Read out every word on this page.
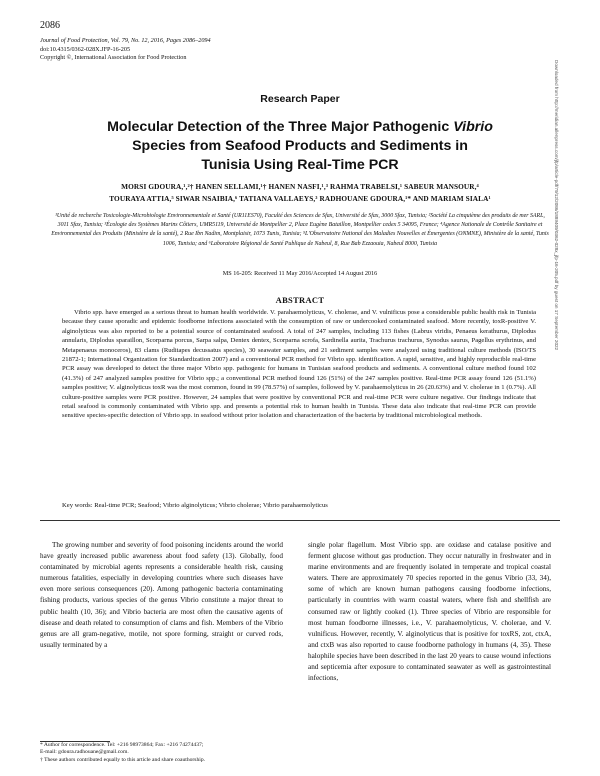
2086
Journal of Food Protection, Vol. 79, No. 12, 2016, Pages 2086–2094
doi:10.4315/0362-028X.JFP-16-205
Copyright ©, International Association for Food Protection
Research Paper
Molecular Detection of the Three Major Pathogenic Vibrio
Species from Seafood Products and Sediments in
Tunisia Using Real-Time PCR
MORSI GDOURA,¹,²† HANEN SELLAMI,¹† HANEN NASFI,¹,³ RAHMA TRABELSI,¹ SABEUR MANSOUR,⁴
TOURAYA ATTIA,⁵ SIWAR NSAIBIA,⁶ TATIANA VALLAEYS,³ RADHOUANE GDOURA,¹* AND MARIAM SIALA¹
¹Unité de recherche Toxicologie-Microbiologie Environnementale et Santé (UR11ES70), Faculté des Sciences de Sfax, Université de Sfax, 3000 Sfax, Tunisia; ²Société La cinquième des produits de mer SARL, 3011 Sfax, Tunisia; ³Écologie des Systèmes Marins Côtiers, UMR5119, Université de Montpellier 2, Place Eugène Bataillon, Montpellier cedex 5 34095, France; ⁴Agence Nationale de Contrôle Sanitaire et Environnemental des Produits (Ministère de la santé), 2 Rue Ibn Nadim, Montplaisir, 1073 Tunis, Tunisia; ⁵L'Observatoire National des Maladies Nouvelles et Émergentes (ONMNE), Ministère de la santé, Tunis 1006, Tunisia; and ⁶Laboratoire Régional de Santé Publique de Nabeul, 8, Rue Bab Ezzaouia, Nabeul 8000, Tunisia
MS 16-205: Received 11 May 2016/Accepted 14 August 2016
ABSTRACT

Vibrio spp. have emerged as a serious threat to human health worldwide. V. parahaemolyticus, V. cholerae, and V. vulnificus pose a considerable public health risk in Tunisia because they cause sporadic and epidemic foodborne infections associated with the consumption of raw or undercooked contaminated seafood. More recently, toxR-positive V. alginolyticus was also reported to be a potential source of contaminated seafood. A total of 247 samples, including 113 fishes (Labrus viridis, Penaeus kerathurus, Diplodus annularis, Diplodus sparaillon, Scorparna porcus, Sarpa salpa, Dentex dentex, Scorparna scrofa, Sardinella aurita, Trachurus trachurus, Synodus saurus, Pagellus erythrinus, and Metapenaeus monoceros), 83 clams (Ruditapes decussatus species), 30 seawater samples, and 21 sediment samples were analyzed using traditional culture methods (ISO/TS 21872-1; International Organization for Standardization 2007) and a conventional PCR method for Vibrio spp. identification. A rapid, sensitive, and highly reproducible real-time PCR assay was developed to detect the three major Vibrio spp. pathogenic for humans in Tunisian seafood products and sediments. A conventional culture method found 102 (41.3%) of 247 analyzed samples positive for Vibrio spp.; a conventional PCR method found 126 (51%) of the 247 samples positive. Real-time PCR assay found 126 (51.1%) samples positive; V. alginolyticus toxR was the most common, found in 99 (78.57%) of samples, followed by V. parahaemolyticus in 26 (20.63%) and V. cholerae in 1 (0.7%). All culture-positive samples were PCR positive. However, 24 samples that were positive by conventional PCR and real-time PCR were culture negative. Our findings indicate that retail seafood is commonly contaminated with Vibrio spp. and presents a potential risk to human health in Tunisia. These data also indicate that real-time PCR can provide sensitive species-specific detection of Vibrio spp. in seafood without prior isolation and characterization of the bacteria by traditional microbiological methods.

Key words: Real-time PCR; Seafood; Vibrio alginolyticus; Vibrio cholerae; Vibrio parahaemolyticus

The growing number and severity of food poisoning incidents around the world have greatly increased public awareness about food safety (13). Globally, food contaminated by microbial agents represents a considerable health risk, causing numerous fatalities, especially in developing countries where such diseases have even more serious consequences (20). Among pathogenic bacteria contaminating fishing products, various species of the genus Vibrio constitute a major threat to public health (10, 36); and Vibrio bacteria are most often the causative agents of disease and death related to consumption of clams and fish. Members of the Vibrio genus are all gram-negative, motile, not spore forming, straight or curved rods, usually terminated by a

single polar flagellum. Most Vibrio spp. are oxidase and catalase positive and ferment glucose without gas production. They occur naturally in freshwater and in marine environments and are frequently isolated in temperate and tropical coastal waters. There are approximately 70 species reported in the genus Vibrio (33, 34), some of which are known human pathogens causing foodborne infections, particularly in countries with warm coastal waters, where fish and shellfish are consumed raw or lightly cooked (1). Three species of Vibrio are responsible for most human foodborne illnesses, i.e., V. parahaemolyticus, V. cholerae, and V. vulnificus. However, recently, V. alginolyticus that is positive for toxRS, zot, ctxA, and ctxB was also reported to cause foodborne pathology in humans (4, 35). These halophile species have been described in the last 20 years to cause wound infections and septicemia after exposure to contaminated seawater as well as gastrointestinal infections,

* Author for correspondence. Tel: +216 98973864; Fax: +216 74274437;
E-mail: gdoura.radhouane@gmail.com.
† These authors contributed equally to this article and share coauthorship.
Downloaded from http://meridian.allenpress.com/jfp/article-pdf/79/12/2086/1889409/0362-028x_jfp-16-205.pdf by guest on 17 September 2022
